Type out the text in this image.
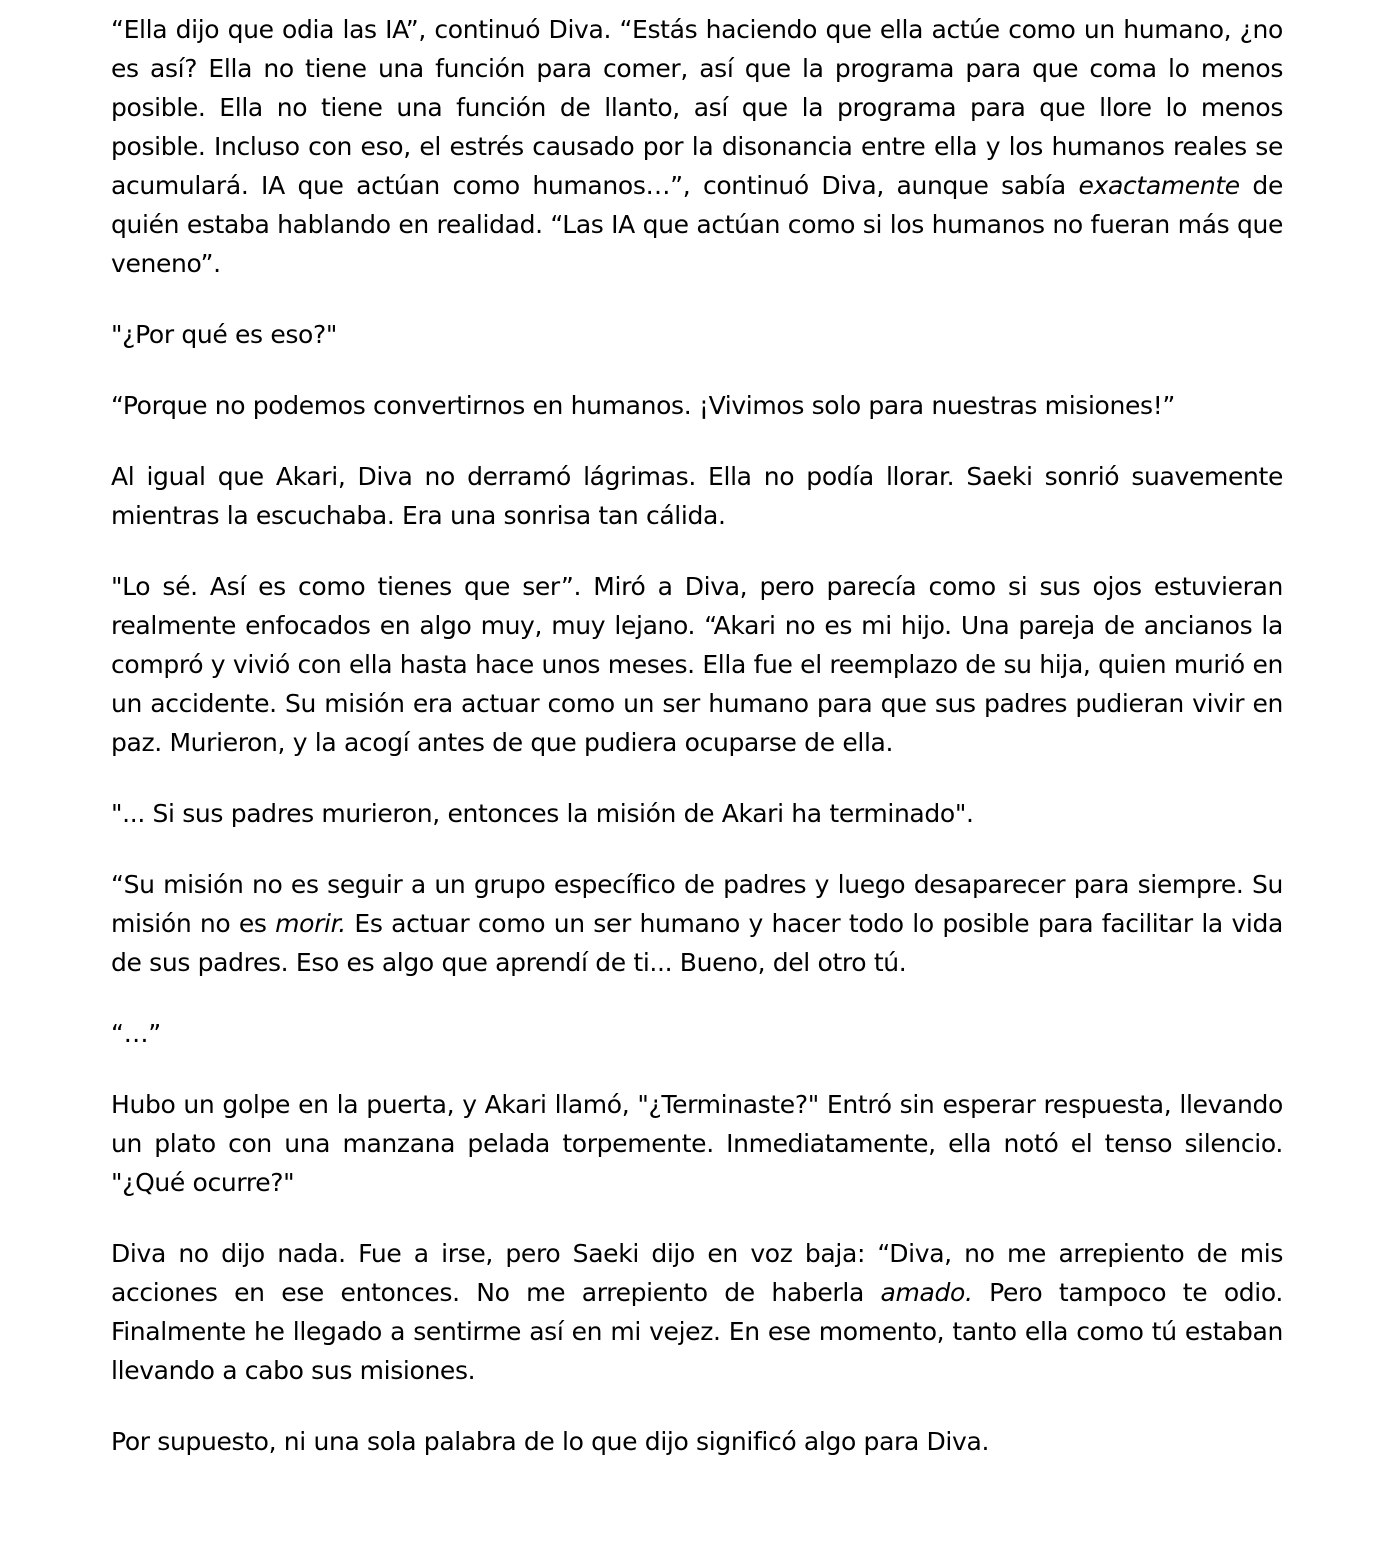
“Ella dijo que odia las IA”, continuó Diva. “Estás haciendo que ella actúe como un humano, ¿no es así? Ella no tiene una función para comer, así que la programa para que coma lo menos posible. Ella no tiene una función de llanto, así que la programa para que llore lo menos posible. Incluso con eso, el estrés causado por la disonancia entre ella y los humanos reales se acumulará. IA que actúan como humanos…”, continuó Diva, aunque sabía exactamente de quién estaba hablando en realidad. “Las IA que actúan como si los humanos no fueran más que veneno”.

"¿Por qué es eso?"

“Porque no podemos convertirnos en humanos. ¡Vivimos solo para nuestras misiones!”

Al igual que Akari, Diva no derramó lágrimas. Ella no podía llorar. Saeki sonrió suavemente mientras la escuchaba. Era una sonrisa tan cálida.

"Lo sé. Así es como tienes que ser”. Miró a Diva, pero parecía como si sus ojos estuvieran realmente enfocados en algo muy, muy lejano. “Akari no es mi hijo. Una pareja de ancianos la compró y vivió con ella hasta hace unos meses. Ella fue el reemplazo de su hija, quien murió en un accidente. Su misión era actuar como un ser humano para que sus padres pudieran vivir en paz. Murieron, y la acogí antes de que pudiera ocuparse de ella.

"... Si sus padres murieron, entonces la misión de Akari ha terminado".

“Su misión no es seguir a un grupo específico de padres y luego desaparecer para siempre. Su misión no es morir. Es actuar como un ser humano y hacer todo lo posible para facilitar la vida de sus padres. Eso es algo que aprendí de ti... Bueno, del otro tú.

“…”

Hubo un golpe en la puerta, y Akari llamó, "¿Terminaste?" Entró sin esperar respuesta, llevando un plato con una manzana pelada torpemente. Inmediatamente, ella notó el tenso silencio. "¿Qué ocurre?"

Diva no dijo nada. Fue a irse, pero Saeki dijo en voz baja: “Diva, no me arrepiento de mis acciones en ese entonces. No me arrepiento de haberla amado. Pero tampoco te odio. Finalmente he llegado a sentirme así en mi vejez. En ese momento, tanto ella como tú estaban llevando a cabo sus misiones.

Por supuesto, ni una sola palabra de lo que dijo significó algo para Diva.
